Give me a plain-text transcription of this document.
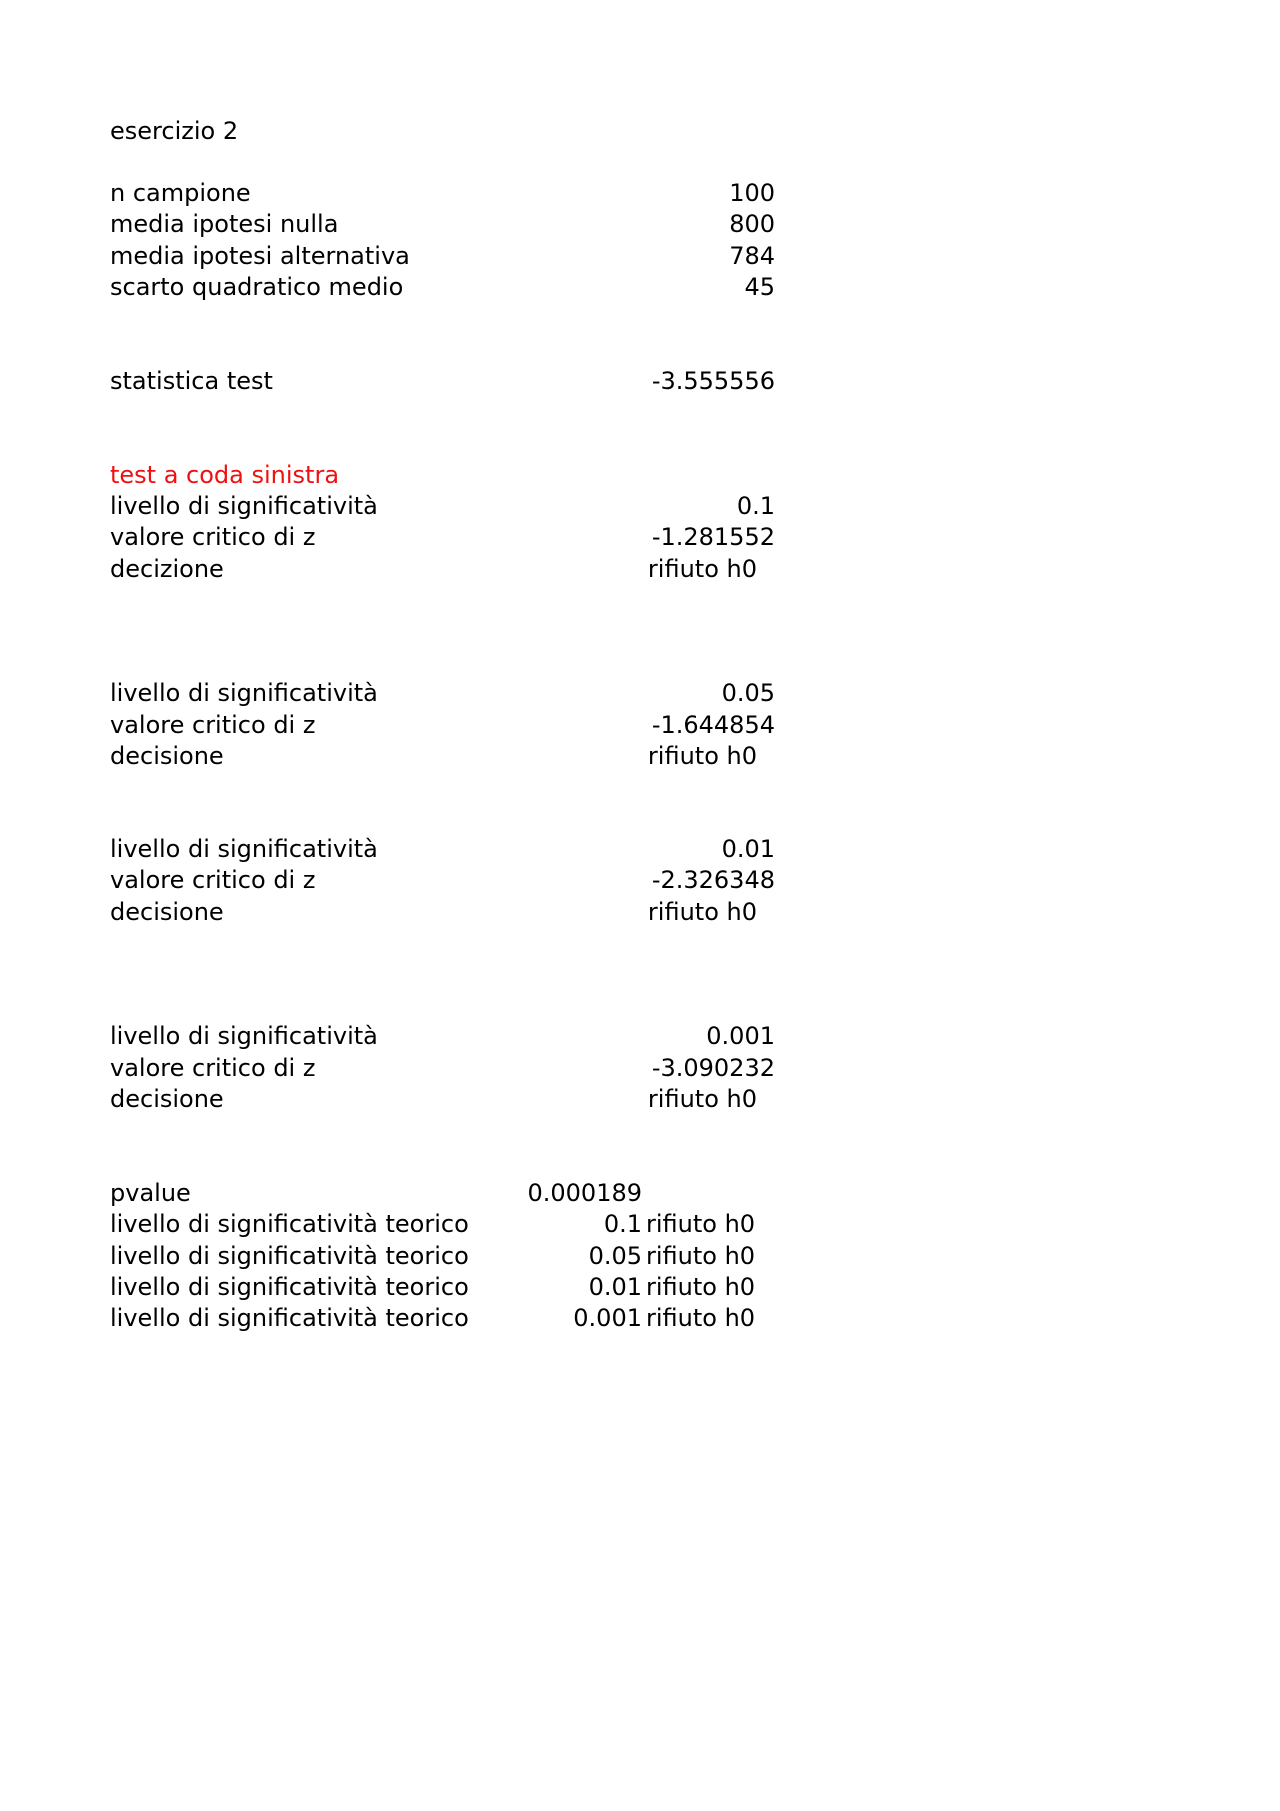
esercizio 2
n campione	100
media ipotesi nulla	800
media ipotesi alternativa	784
scarto quadratico medio	45
statistica test	-3.555556
test a coda sinistra
livello di significatività	0.1
valore critico di z	-1.281552
decizione	rifiuto h0
livello di significatività	0.05
valore critico di z	-1.644854
decisione	rifiuto h0
livello di significatività	0.01
valore critico di z	-2.326348
decisione	rifiuto h0
livello di significatività	0.001
valore critico di z	-3.090232
decisione	rifiuto h0
pvalue	0.000189
livello di significatività teorico	0.1 rifiuto h0
livello di significatività teorico	0.05 rifiuto h0
livello di significatività teorico	0.01 rifiuto h0
livello di significatività teorico	0.001 rifiuto h0
